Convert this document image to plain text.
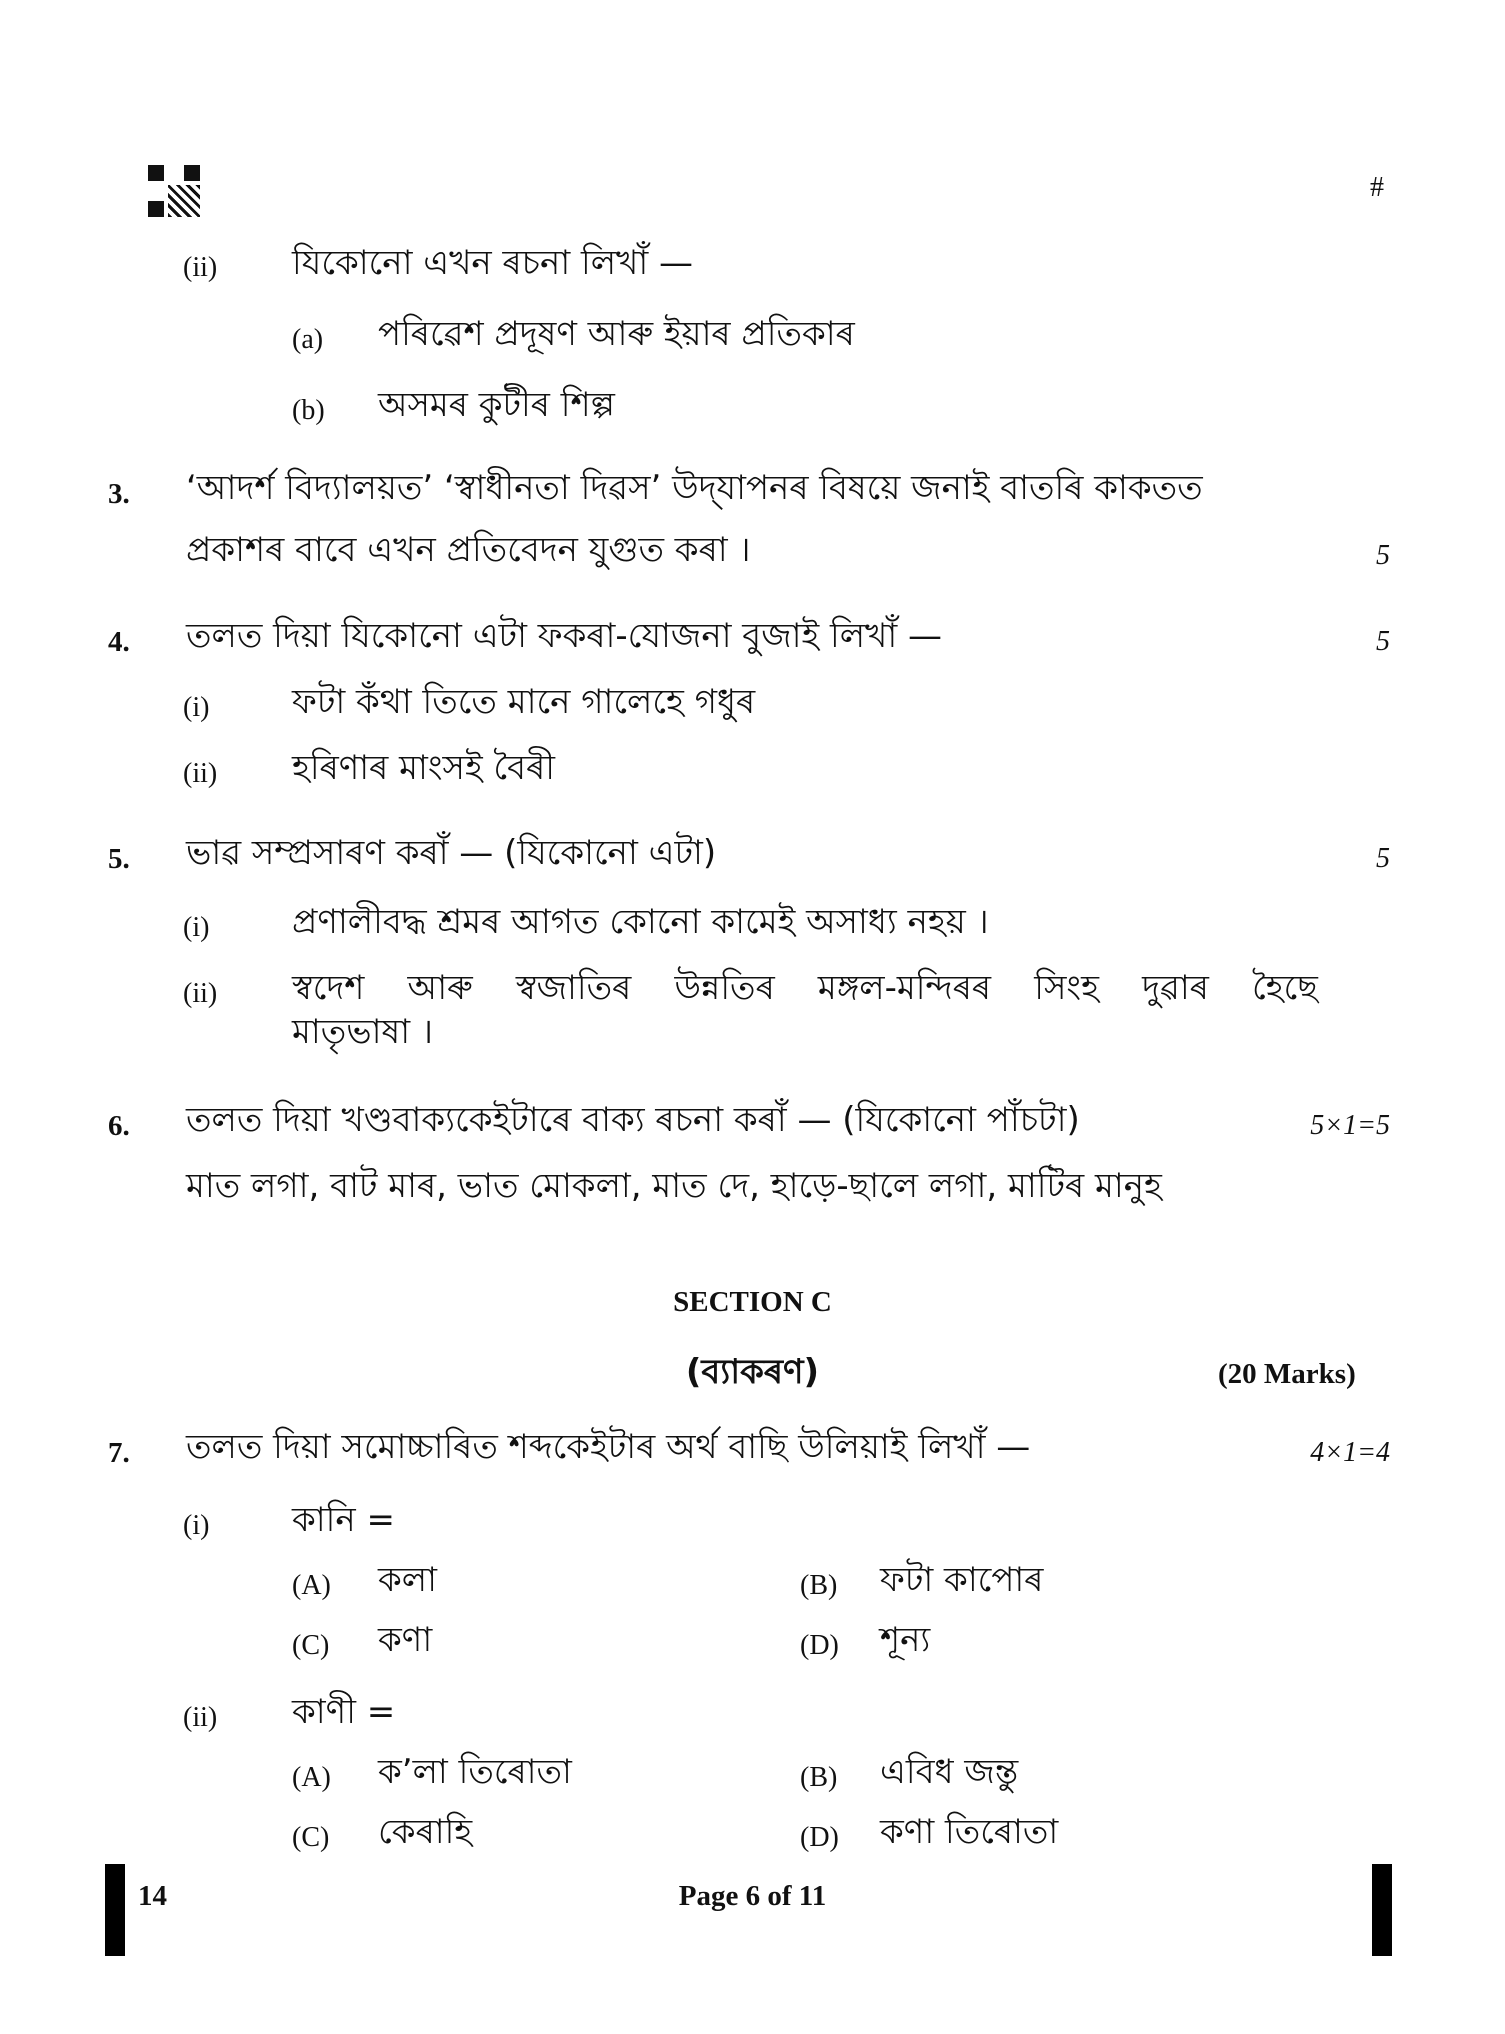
#
(ii) যিকোনো এখন ৰচনা লিখাঁ —
(a) পৰিৱেশ প্ৰদূষণ আৰু ইয়াৰ প্ৰতিকাৰ
(b) অসমৰ কুটীৰ শিল্প
3. ‘আদৰ্শ বিদ্যালয়ত’ ‘স্বাধীনতা দিৱস’ উদ্‌যাপনৰ বিষয়ে জনাই বাতৰি কাকতত
প্ৰকাশৰ বাবে এখন প্ৰতিবেদন যুগুত কৰা ।	5
4. তলত দিয়া যিকোনো এটা ফকৰা-যোজনা বুজাই লিখাঁ —	5
(i) ফটা কঁথা তিতে মানে গালেহে গধুৰ
(ii) হৰিণাৰ মাংসই বৈৰী
5. ভাৱ সম্প্ৰসাৰণ কৰাঁ — (যিকোনো এটা)	5
(i) প্ৰণালীবদ্ধ শ্ৰমৰ আগত কোনো কামেই অসাধ্য নহয় ।
(ii) স্বদেশ আৰু স্বজাতিৰ উন্নতিৰ মঙ্গল-মন্দিৰৰ সিংহ দুৱাৰ হৈছে
মাতৃভাষা ।
6. তলত দিয়া খণ্ডবাক্যকেইটাৰে বাক্য ৰচনা কৰাঁ — (যিকোনো পাঁচটা)	5×1=5
মাত লগা, বাট মাৰ, ভাত মোকলা, মাত দে, হাড়ে-ছালে লগা, মাটিৰ মানুহ
SECTION C
(ব্যাকৰণ)	(20 Marks)
7. তলত দিয়া সমোচ্চাৰিত শব্দকেইটাৰ অৰ্থ বাছি উলিয়াই লিখাঁ —	4×1=4
(i) কানি =
(A) কলা	(B) ফটা কাপোৰ
(C) কণা	(D) শূন্য
(ii) কাণী =
(A) ক’লা তিৰোতা	(B) এবিধ জন্তু
(C) কেৰাহি	(D) কণা তিৰোতা
14	Page 6 of 11
